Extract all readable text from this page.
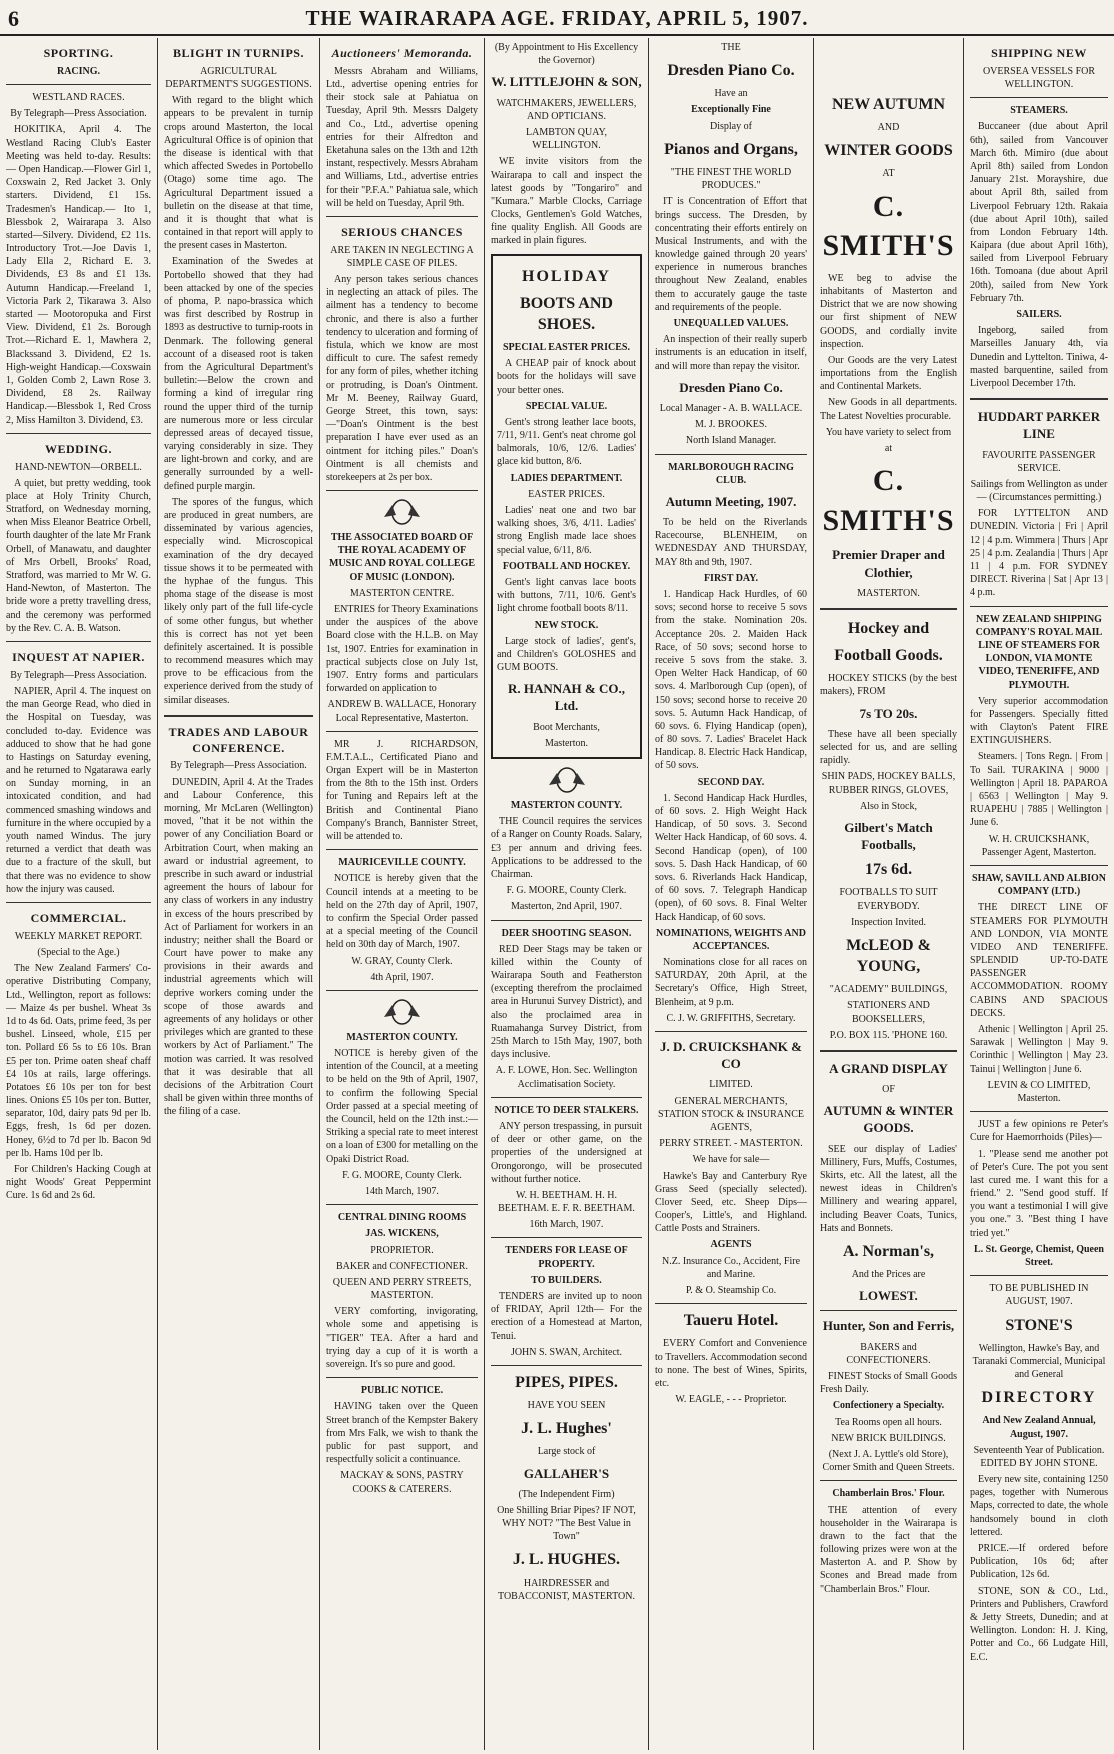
6	THE WAIRARAPA AGE. FRIDAY, APRIL 5, 1907.
SPORTING.
RACING.
WESTLAND RACES.
By Telegraph—Press Association.

HOKITIKA, April 4. The Westland Racing Club's Easter Meeting was held to-day. Results:— Open Handicap.—Flower Girl 1, Coxswain 2, Red Jacket 3. Only starters. Dividend, £1 15s. Tradesmen's Handicap.— Ito 1, Blessbok 2, Wairarapa 3. Also started—Silvery. Dividend, £2 11s. Introductory Trot.—Joe Davis 1, Lady Ella 2, Richard E. 3. Dividends, £3 8s and £1 13s. Autumn Handicap.—Freeland 1, Victoria Park 2, Tikarawa 3. Also started — Mootoropuka and First View. Dividend, £1 2s. Borough Trot.—Richard E. 1, Mawhera 2, Blackssand 3. Dividend, £2 1s. High-weight Handicap.—Coxswain 1, Golden Comb 2, Lawn Rose 3. Dividend, £8 2s. Railway Handicap.—Blessbok 1, Red Cross 2, Miss Hamilton 3. Dividend, £3.

WEDDING.
HAND-NEWTON—ORBELL.

A quiet, but pretty wedding, took place at Holy Trinity Church, Stratford, on Wednesday morning, when Miss Eleanor Beatrice Orbell, fourth daughter of the late Mr Frank Orbell, of Manawatu, and daughter of Mrs Orbell, Brooks' Road, Stratford, was married to Mr W. G. Hand-Newton, of Masterton. The bride wore a pretty travelling dress, and the ceremony was performed by the Rev. C. A. B. Watson.

INQUEST AT NAPIER.
By Telegraph—Press Association.

NAPIER, April 4. The inquest on the man George Read, who died in the Hospital on Tuesday, was concluded to-day. Evidence was adduced to show that he had gone to Hastings on Saturday evening, and he returned to Ngatarawa early on Sunday morning, in an intoxicated condition, and had commenced smashing windows and furniture in the where occupied by a youth named Windus. The jury returned a verdict that death was due to a fracture of the skull, but that there was no evidence to show how the injury was caused.

COMMERCIAL.
WEEKLY MARKET REPORT.
(Special to the Age.)

The New Zealand Farmers' Co-operative Distributing Company, Ltd., Wellington, report as follows:— Maize 4s per bushel. Wheat 3s 1d to 4s 6d. Oats, prime feed, 3s per bushel. Linseed, whole, £15 per ton. Pollard £6 5s to £6 10s. Bran £5 per ton. Prime oaten sheaf chaff £4 10s at rails, large offerings. Potatoes £6 10s per ton for best lines. Onions £5 10s per ton. Butter, separator, 10d, dairy pats 9d per lb. Eggs, fresh, 1s 6d per dozen. Honey, 6½d to 7d per lb. Bacon 9d per lb. Hams 10d per lb.

For Children's Hacking Cough at night Woods' Great Peppermint Cure. 1s 6d and 2s 6d.

BLIGHT IN TURNIPS.
AGRICULTURAL DEPARTMENT'S SUGGESTIONS.

With regard to the blight which appears to be prevalent in turnip crops around Masterton, the local Agricultural Office is of opinion that the disease is identical with that which affected Swedes in Portobello (Otago) some time ago. The Agricultural Department issued a bulletin on the disease at that time, and it is thought that what is contained in that report will apply to the present cases in Masterton.

Examination of the Swedes at Portobello showed that they had been attacked by one of the species of phoma, P. napo-brassica which was first described by Rostrup in 1893 as destructive to turnip-roots in Denmark. The following general account of a diseased root is taken from the Agricultural Department's bulletin:—Below the crown and forming a kind of irregular ring round the upper third of the turnip are numerous more or less circular depressed areas of decayed tissue, varying considerably in size. They are light-brown and corky, and are generally surrounded by a well-defined purple margin.

The spores of the fungus, which are produced in great numbers, are disseminated by various agencies, especially wind. Microscopical examination of the dry decayed tissue shows it to be permeated with the hyphae of the fungus. This phoma stage of the disease is most likely only part of the full life-cycle of some other fungus, but whether this is correct has not yet been definitely ascertained. It is possible to recommend measures which may prove to be efficacious from the experience derived from the study of similar diseases.

TRADES AND LABOUR CONFERENCE.
By Telegraph—Press Association.

DUNEDIN, April 4. At the Trades and Labour Conference, this morning, Mr McLaren (Wellington) moved, "that it be not within the power of any Conciliation Board or Arbitration Court, when making an award or industrial agreement, to prescribe in such award or industrial agreement the hours of labour for any class of workers in any industry in excess of the hours prescribed by Act of Parliament for workers in an industry; neither shall the Board or Court have power to make any provisions in their awards and industrial agreements which will deprive workers coming under the scope of those awards and agreements of any holidays or other privileges which are granted to these workers by Act of Parliament." The motion was carried. It was resolved that it was desirable that all decisions of the Arbitration Court shall be given within three months of the filing of a case.

Auctioneers' Memoranda.

Messrs Abraham and Williams, Ltd., advertise opening entries for their stock sale at Pahiatua on Tuesday, April 9th. Messrs Dalgety and Co., Ltd., advertise opening entries for their Alfredton and Eketahuna sales on the 13th and 12th instant, respectively. Messrs Abraham and Williams, Ltd., advertise entries for their "P.F.A." Pahiatua sale, which will be held on Tuesday, April 9th.

SERIOUS CHANCES
ARE TAKEN IN NEGLECTING A SIMPLE CASE OF PILES.

Any person takes serious chances in neglecting an attack of piles. The ailment has a tendency to become chronic, and there is also a further tendency to ulceration and forming of fistula, which we know are most difficult to cure. The safest remedy for any form of piles, whether itching or protruding, is Doan's Ointment. Mr M. Beeney, Railway Guard, George Street, this town, says:—"Doan's Ointment is the best preparation I have ever used as an ointment for itching piles." Doan's Ointment is all chemists and storekeepers at 2s per box.

THE ASSOCIATED BOARD OF THE ROYAL ACADEMY OF MUSIC AND ROYAL COLLEGE OF MUSIC (LONDON).
MASTERTON CENTRE.

ENTRIES for Theory Examinations under the auspices of the above Board close with the H.L.B. on May 1st, 1907. Entries for examination in practical subjects close on July 1st, 1907. Entry forms and particulars forwarded on application to

ANDREW B. WALLACE, Honorary Local Representative, Masterton.

MR J. RICHARDSON, F.M.T.A.L., Certificated Piano and Organ Expert will be in Masterton from the 8th to the 15th inst. Orders for Tuning and Repairs left at the British and Continental Piano Company's Branch, Bannister Street, will be attended to.

MAURICEVILLE COUNTY.

NOTICE is hereby given that the Council intends at a meeting to be held on the 27th day of April, 1907, to confirm the Special Order passed at a special meeting of the Council held on 30th day of March, 1907.

W. GRAY, County Clerk.
4th April, 1907.
MASTERTON COUNTY.

NOTICE is hereby given of the intention of the Council, at a meeting to be held on the 9th of April, 1907, to confirm the following Special Order passed at a special meeting of the Council, held on the 12th inst.:— Striking a special rate to meet interest on a loan of £300 for metalling on the Opaki District Road.

F. G. MOORE, County Clerk.
14th March, 1907.
CENTRAL DINING ROOMS
JAS. WICKENS,
PROPRIETOR.
BAKER and CONFECTIONER.
QUEEN AND PERRY STREETS, MASTERTON.

VERY comforting, invigorating, whole some and appetising is "TIGER" TEA. After a hard and trying day a cup of it is worth a sovereign. It's so pure and good.

PUBLIC NOTICE.

HAVING taken over the Queen Street branch of the Kempster Bakery from Mrs Falk, we wish to thank the public for past support, and respectfully solicit a continuance.

MACKAY & SONS, PASTRY COOKS & CATERERS.
(By Appointment to His Excellency the Governor)
W. LITTLEJOHN & SON,
WATCHMAKERS, JEWELLERS, AND OPTICIANS.
LAMBTON QUAY, WELLINGTON.

WE invite visitors from the Wairarapa to call and inspect the latest goods by "Tongariro" and "Kumara." Marble Clocks, Carriage Clocks, Gentlemen's Gold Watches, fine quality English. All Goods are marked in plain figures.

HOLIDAY
BOOTS AND SHOES.
SPECIAL EASTER PRICES.

A CHEAP pair of knock about boots for the holidays will save your better ones.

SPECIAL VALUE.

Gent's strong leather lace boots, 7/11, 9/11. Gent's neat chrome gol balmorals, 10/6, 12/6. Ladies' glace kid button, 8/6.

LADIES DEPARTMENT.
EASTER PRICES.

Ladies' neat one and two bar walking shoes, 3/6, 4/11. Ladies' strong English made lace shoes special value, 6/11, 8/6.

FOOTBALL AND HOCKEY.

Gent's light canvas lace boots with buttons, 7/11, 10/6. Gent's light chrome football boots 8/11.

NEW STOCK.

Large stock of ladies', gent's, and Children's GOLOSHES and GUM BOOTS.

R. HANNAH & CO., Ltd.
Boot Merchants,
Masterton.
MASTERTON COUNTY.

THE Council requires the services of a Ranger on County Roads. Salary, £3 per annum and driving fees. Applications to be addressed to the Chairman.

F. G. MOORE, County Clerk.
Masterton, 2nd April, 1907.
DEER SHOOTING SEASON.

RED Deer Stags may be taken or killed within the County of Wairarapa South and Featherston (excepting therefrom the proclaimed area in Hurunui Survey District), and also the proclaimed area in Ruamahanga Survey District, from 25th March to 15th May, 1907, both days inclusive.

A. F. LOWE, Hon. Sec. Wellington Acclimatisation Society.
NOTICE TO DEER STALKERS.

ANY person trespassing, in pursuit of deer or other game, on the properties of the undersigned at Orongorongo, will be prosecuted without further notice.

W. H. BEETHAM. H. H. BEETHAM. E. F. R. BEETHAM.
16th March, 1907.
TENDERS FOR LEASE OF PROPERTY.
TO BUILDERS.

TENDERS are invited up to noon of FRIDAY, April 12th— For the erection of a Homestead at Marton, Tenui.

JOHN S. SWAN, Architect.
PIPES, PIPES.
HAVE YOU SEEN
J. L. Hughes'
Large stock of
GALLAHER'S
(The Independent Firm)
One Shilling Briar Pipes? IF NOT, WHY NOT? "The Best Value in Town"
J. L. HUGHES.
HAIRDRESSER and TOBACCONIST, MASTERTON.
THE
Dresden Piano Co.
Have an
Exceptionally Fine
Display of
Pianos and Organs,
"THE FINEST THE WORLD PRODUCES."

IT is Concentration of Effort that brings success. The Dresden, by concentrating their efforts entirely on Musical Instruments, and with the knowledge gained through 20 years' experience in numerous branches throughout New Zealand, enables them to accurately gauge the taste and requirements of the people.

UNEQUALLED VALUES.

An inspection of their really superb instruments is an education in itself, and will more than repay the visitor.

Dresden Piano Co.
Local Manager - A. B. WALLACE.
M. J. BROOKES.
North Island Manager.
MARLBOROUGH RACING CLUB.
Autumn Meeting, 1907.

To be held on the Riverlands Racecourse, BLENHEIM, on WEDNESDAY AND THURSDAY, MAY 8th and 9th, 1907.

FIRST DAY.

1. Handicap Hack Hurdles, of 60 sovs; second horse to receive 5 sovs from the stake. Nomination 20s. Acceptance 20s. 2. Maiden Hack Race, of 50 sovs; second horse to receive 5 sovs from the stake. 3. Open Welter Hack Handicap, of 60 sovs. 4. Marlborough Cup (open), of 150 sovs; second horse to receive 20 sovs. 5. Autumn Hack Handicap, of 60 sovs. 6. Flying Handicap (open), of 80 sovs. 7. Ladies' Bracelet Hack Handicap. 8. Electric Hack Handicap, of 50 sovs.

SECOND DAY.

1. Second Handicap Hack Hurdles, of 60 sovs. 2. High Weight Hack Handicap, of 50 sovs. 3. Second Welter Hack Handicap, of 60 sovs. 4. Second Handicap (open), of 100 sovs. 5. Dash Hack Handicap, of 60 sovs. 6. Riverlands Hack Handicap, of 60 sovs. 7. Telegraph Handicap (open), of 60 sovs. 8. Final Welter Hack Handicap, of 60 sovs.

NOMINATIONS, WEIGHTS AND ACCEPTANCES.

Nominations close for all races on SATURDAY, 20th April, at the Secretary's Office, High Street, Blenheim, at 9 p.m.

C. J. W. GRIFFITHS, Secretary.
J. D. CRUICKSHANK & CO
LIMITED.
GENERAL MERCHANTS, STATION STOCK & INSURANCE AGENTS,
PERRY STREET. - MASTERTON.
We have for sale—

Hawke's Bay and Canterbury Rye Grass Seed (specially selected). Clover Seed, etc. Sheep Dips—Cooper's, Little's, and Highland. Cattle Posts and Strainers.

AGENTS
N.Z. Insurance Co., Accident, Fire and Marine.
P. & O. Steamship Co.
Taueru Hotel.

EVERY Comfort and Convenience to Travellers. Accommodation second to none. The best of Wines, Spirits, etc.

W. EAGLE, - - - Proprietor.
NEW AUTUMN
AND
WINTER GOODS
AT
C. SMITH'S

WE beg to advise the inhabitants of Masterton and District that we are now showing our first shipment of NEW GOODS, and cordially invite inspection.

Our Goods are the very Latest importations from the English and Continental Markets.

New Goods in all departments. The Latest Novelties procurable.

You have variety to select from
at
C. SMITH'S
Premier Draper and Clothier,
MASTERTON.
Hockey and
Football Goods.

HOCKEY STICKS (by the best makers), FROM

7s TO 20s.

These have all been specially selected for us, and are selling rapidly.

SHIN PADS, HOCKEY BALLS, RUBBER RINGS, GLOVES,
Also in Stock,
Gilbert's Match Footballs,
17s 6d.
FOOTBALLS TO SUIT EVERYBODY.
Inspection Invited.
McLEOD & YOUNG,
"ACADEMY" BUILDINGS,
STATIONERS AND BOOKSELLERS,
P.O. BOX 115. 'PHONE 160.
A GRAND DISPLAY
OF
AUTUMN & WINTER GOODS.

SEE our display of Ladies' Millinery, Furs, Muffs, Costumes, Skirts, etc. All the latest, all the newest ideas in Children's Millinery and wearing apparel, including Beaver Coats, Tunics, Hats and Bonnets.

A. Norman's,
And the Prices are
LOWEST.
Hunter, Son and Ferris,
BAKERS and CONFECTIONERS.

FINEST Stocks of Small Goods Fresh Daily.

Confectionery a Specialty.
Tea Rooms open all hours.
NEW BRICK BUILDINGS.
(Next J. A. Lyttle's old Store), Corner Smith and Queen Streets.
Chamberlain Bros.' Flour.

THE attention of every householder in the Wairarapa is drawn to the fact that the following prizes were won at the Masterton A. and P. Show by Scones and Bread made from "Chamberlain Bros." Flour.

SHIPPING NEW
OVERSEA VESSELS FOR WELLINGTON.
STEAMERS.

Buccaneer (due about April 6th), sailed from Vancouver March 6th. Mimiro (due about April 8th) sailed from London January 21st. Morayshire, due about April 8th, sailed from Liverpool February 12th. Rakaia (due about April 10th), sailed from London February 14th. Kaipara (due about April 16th), sailed from Liverpool February 16th. Tomoana (due about April 20th), sailed from New York February 7th.

SAILERS.

Ingeborg, sailed from Marseilles January 4th, via Dunedin and Lyttelton. Tiniwa, 4-masted barquentine, sailed from Liverpool December 17th.

HUDDART PARKER LINE
FAVOURITE PASSENGER SERVICE.
Sailings from Wellington as under— (Circumstances permitting.)

FOR LYTTELTON AND DUNEDIN. Victoria | Fri | April 12 | 4 p.m. Wimmera | Thurs | Apr 25 | 4 p.m. Zealandia | Thurs | Apr 11 | 4 p.m. FOR SYDNEY DIRECT. Riverina | Sat | Apr 13 | 4 p.m.

NEW ZEALAND SHIPPING COMPANY'S ROYAL MAIL LINE OF STEAMERS FOR LONDON, VIA MONTE VIDEO, TENERIFFE, AND PLYMOUTH.

Very superior accommodation for Passengers. Specially fitted with Clayton's Patent FIRE EXTINGUISHERS.

Steamers. | Tons Regn. | From | To Sail. TURAKINA | 9000 | Wellington | April 18. PAPAROA | 6563 | Wellington | May 9. RUAPEHU | 7885 | Wellington | June 6.

W. H. CRUICKSHANK, Passenger Agent, Masterton.
SHAW, SAVILL AND ALBION COMPANY (LTD.)

THE DIRECT LINE OF STEAMERS FOR PLYMOUTH AND LONDON, VIA MONTE VIDEO AND TENERIFFE. SPLENDID UP-TO-DATE PASSENGER ACCOMMODATION. ROOMY CABINS AND SPACIOUS DECKS.

Athenic | Wellington | April 25. Sarawak | Wellington | May 9. Corinthic | Wellington | May 23. Tainui | Wellington | June 6.

LEVIN & CO LIMITED, Masterton.

JUST a few opinions re Peter's Cure for Haemorrhoids (Piles)—

1. "Please send me another pot of Peter's Cure. The pot you sent last cured me. I want this for a friend." 2. "Send good stuff. If you want a testimonial I will give you one." 3. "Best thing I have tried yet."

L. St. George, Chemist, Queen Street.
TO BE PUBLISHED IN AUGUST, 1907.
STONE'S
Wellington, Hawke's Bay, and Taranaki Commercial, Municipal and General
DIRECTORY
And New Zealand Annual, August, 1907.
Seventeenth Year of Publication. EDITED BY JOHN STONE.

Every new site, containing 1250 pages, together with Numerous Maps, corrected to date, the whole handsomely bound in cloth lettered.

PRICE.—If ordered before Publication, 10s 6d; after Publication, 12s 6d.

STONE, SON & CO., Ltd., Printers and Publishers, Crawford & Jetty Streets, Dunedin; and at Wellington. London: H. J. King, Potter and Co., 66 Ludgate Hill, E.C.
